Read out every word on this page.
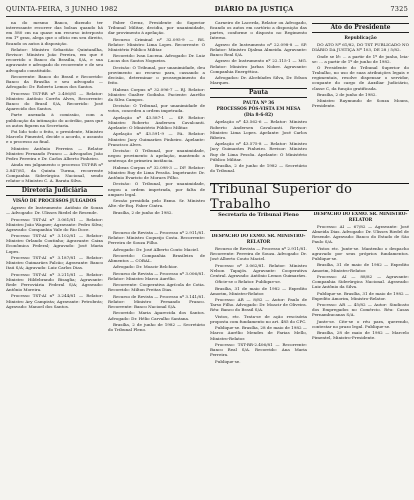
QUINTA-FEIRA, 3 JUNHO 1982	DIÁRIO DA JUSTIÇA	7325

na do mesmo Banco, dizendo ter interessante recorrer das bolsas quando há em 580 cm na quase um recurso interposto em 1º grau, alega que o ofício em seu direito, ficando os autos à disposição.

Relator: Ministro Sebastião Quintanilha, Revisor: Ministro João Pereira, em que é recorrido o Banco da Brasília, S/A, e sua agravante e advogado do recorrente e de seu advogado constituído.

Recorrente: Banco do Brasil e Recorrido: Banco da Brasília e seu advogado — Advogado: Dr. Roberto Lemos dos Santos.

Processo TST-RR nº 2.406/81 — Relator: Ministro Antônio Corrêa Alves, Recorrente: Banco do Brasil S/A, Recorrido: José Aparecido dos Santos.

Parte anexada à comissão, com a publicação da intimação do acórdão, para que os autos fiquem na Secretaria.

Foi lido todo o feito, o presidente, Ministro Marcelo Pimentel, decide o acordo, o assunto e o processo ao final.

Ministro Antônio Ferreira — Relator Ministro Fernando Franco — Advogados João Pedro Ferreira e Dr. Carlos Alberto Pinheiro.

Ainda em julgamento o processo TST-RR nº 2.847/81, da Quinta Turma, recorrente Companhia Siderúrgica Nacional, sendo relator o Ministro C. A. Barata Silva.

Diretoria Judiciária
VISÃO DE PROCESSOS JULGADOS

Agravo de Instrumento: Antônio de Souza — Advogado: Dr. Ulisses Riedel de Resende.

Processo TST-AI nº 3.061/81 — Relator: Ministro João Wagner; Agravante: Pedro Silva; Agravado: Companhia Vale do Rio Doce.

Processo TST-AI nº 3.102/81 — Relator: Ministro Orlando Coutinho; Agravante: Caixa Econômica Federal; Agravado: José Maria Lopes.

Processo TST-AI nº 3.187/81 — Relator: Ministro Guimarães Falcão; Agravante: Banco Itaú S/A; Agravado: Luiz Carlos Dias.

Processo TST-AI nº 3.211/81 — Relator: Ministro Hildebrando Bisaglia; Agravante: Rede Ferroviária Federal S/A; Agravado: Antônio Moreira.

Processo TST-AI nº 3.244/81 — Relator: Ministro Ary Campista; Agravante: Petrobrás; Agravado: Manoel dos Santos.

Faber Grenz, Presidente do Superior Tribunal Militar, decidiu, por unanimidade, dar provimento à apelação.

Recurso Criminal nº 32.095-9 — RS. Relator: Ministro Lima Lopes. Recorrente: O Ministério Público Militar.

Recorrido: Ivan Lucena. Advogado: Dr. Luiz Lucas dos Santos Nogueira.

Decisão: O Tribunal, por unanimidade, deu provimento ao recurso para, cassando a decisão, determinar o prosseguimento do feito.

Habeas Corpus nº 32.096-7 — RJ. Relator: Ministro Gualter Godinho. Paciente: Aurélio da Silva Campos.

Decisão: O Tribunal, por unanimidade de votos, concedeu a ordem impetrada.

Apelação nº 43.587-1 — SP. Relator: Ministro Roberto Andersen Cavalcanti. Apelante: O Ministério Público Militar.

Apelação nº 43.591-9 — PA. Relator: Ministro Jacy Guimarães Pinheiro. Apelante: Francisco Alves.

Decisão: O Tribunal, por unanimidade, negou provimento à apelação, mantendo a sentença de primeira instância.

Habeas Corpus nº 32.098-3 — DF. Relator: Ministro Ruy de Lima Pessôa. Impetrante: Dr. Antônio Evaristo de Moraes Filho.

Decisão: O Tribunal, por unanimidade, negou a ordem impetrada, por falta de amparo legal.

Sessão presidida pelo Exmo. Sr. Ministro Alte.-de-Esq. Faber Cintra.

Brasília, 2 de junho de 1982.

Recurso de Revista — Processo nº 2.911/81. Relator: Ministro Coqueijo Costa. Recorrente: Ferreira de Souza Filho.

Advogado: Dr. José Alberto Couto Maciel.

Recorrido: Companhia Brasileira de Alimentos — COBAL.

Advogado: Dr. Moacir Belchior.

Recurso de Revista — Processo nº 3.006/81. Relator: Ministro Marco Aurélio.

Recorrente: Cooperativa Agrícola de Cotia. Recorrido: Milton Freitas Dias.

Recurso de Revista — Processo nº 3.141/81. Relator: Ministro Fernando Franco. Recorrente: Banco Nacional S/A.

Recorrido: Maria Aparecida dos Santos. Advogado: Dr. Hélio Carvalho Santana.

Brasília, 2 de junho de 1982 — Secretário do Tribunal Pleno.

Carneiro de Lacerda, Relator ou Advogado, ficando os autos em cartório a disposição das partes, conforme o disposto no Regimento Interno.

Agravo de Instrumento nº 22.098-8 — SP. Relator: Ministro Djalma Almeida. Agravante: Banco Real S/A.

Agravo de Instrumento nº 22.115-1 — MG. Relator: Ministro Jarbas Nobre. Agravante: Companhia Energética.

Advogados: Dr. Alcebíades Silva, Dr. Edson Marques.

Pauta
PAUTA Nº 36
PROCESSOS PÓS-VISTA EM MESA
(Dia 8-6-82)

Apelação nº 43.562-6 — Relator: Ministro Roberto Andersen Cavalcanti. Revisor: Ministro Lima Lopes. Apelante: José Carlos Ribeiro.

Apelação nº 43.575-8 — Relator: Ministro Jacy Guimarães Pinheiro. Revisor: Ministro Ruy de Lima Pessôa. Apelante: O Ministério Público Militar.

Brasília, 2 de junho de 1982 — Secretário do Tribunal.

Ato do Presidente
Republicação

DO ATO Nº 61/82, DO TST PUBLICADO NO DIÁRIO DA JUSTIÇA Nº 103, DE 28 / 5/82.

Onde se lê: ... a partir de 1º de junho, leia-se: ... a partir de 1º de junho de 1982.

O Presidente do Tribunal Superior do Trabalho, no uso de suas atribuições legais e regimentais, resolve dispensar o servidor, ocupante do cargo de Auxiliar Judiciário, classe C, da função gratificada.

Brasília, 2 de junho de 1982.

Ministro Raymundo de Souza Moura, Presidente.

Tribunal Superior do Trabalho
Secretaria do Tribunal Pleno
DESPACHO DO EXMO. SR. MINISTRO-RELATOR

Recurso de Revista — Processo nº 2.911/81. Recorrente: Ferreira de Souza. Advogado: Dr. José Alberto Couto Maciel.

Processo nº 3.062/81. Relator: Ministro Nelson Tapajós. Agravante: Cooperativa Central. Agravado: Antônio Lemos Guimarães.

Oficie-se o Relator. Publique-se.

Brasília, 31 de maio de 1982 — Expedito Amorim, Ministro-Relator.

Processo: AR — 8/82 — Autor: Paulo de Tarso Filho. Advogado: Dr. Moacir de Oliveira. Réu: Banco do Brasil S/A.

Vistos, etc. Trata-se de ação rescisória proposta com fundamento no art. 485 do CPC.

Publique-se. Brasília, 28 de maio de 1982 — Marco Aurélio Mendes de Farias Mello, Ministro-Relator.

Processo: TST-RR-2.406/81 — Recorrente: Banco Real S/A. Recorrido: Ana Maria Ferreira.

Publique-se.

DESPACHO DO EXMO. SR. MINISTRO-RELATOR

Processo: AI — 67/82 — Agravante: José Almeida Dias. Advogado: Dr. Ulisses Riedel de Resende. Agravado: Banco do Estado de São Paulo S/A.

Vistos etc. Junte-se. Mantenho o despacho agravado por seus próprios fundamentos. Publique-se.

Brasília, 31 de maio de 1982 — Expedito Amorim, Ministro-Relator.

Processo: AI — 88/82 — Agravante: Companhia Siderúrgica Nacional. Agravado: Luiz Antônio da Silva.

Publique-se. Brasília, 31 de maio de 1982 — Expedito Amorim, Ministro-Relator.

Processo: AR — 45/82 — Autor: Sindicato dos Empregados no Comércio. Réu: Casas Pernambucanas S/A.

Junte-se. Cite-se o réu para, querendo, contestar no prazo legal. Publique-se.

Brasília, 28 de maio de 1982 — Marcelo Pimentel, Ministro-Presidente.
